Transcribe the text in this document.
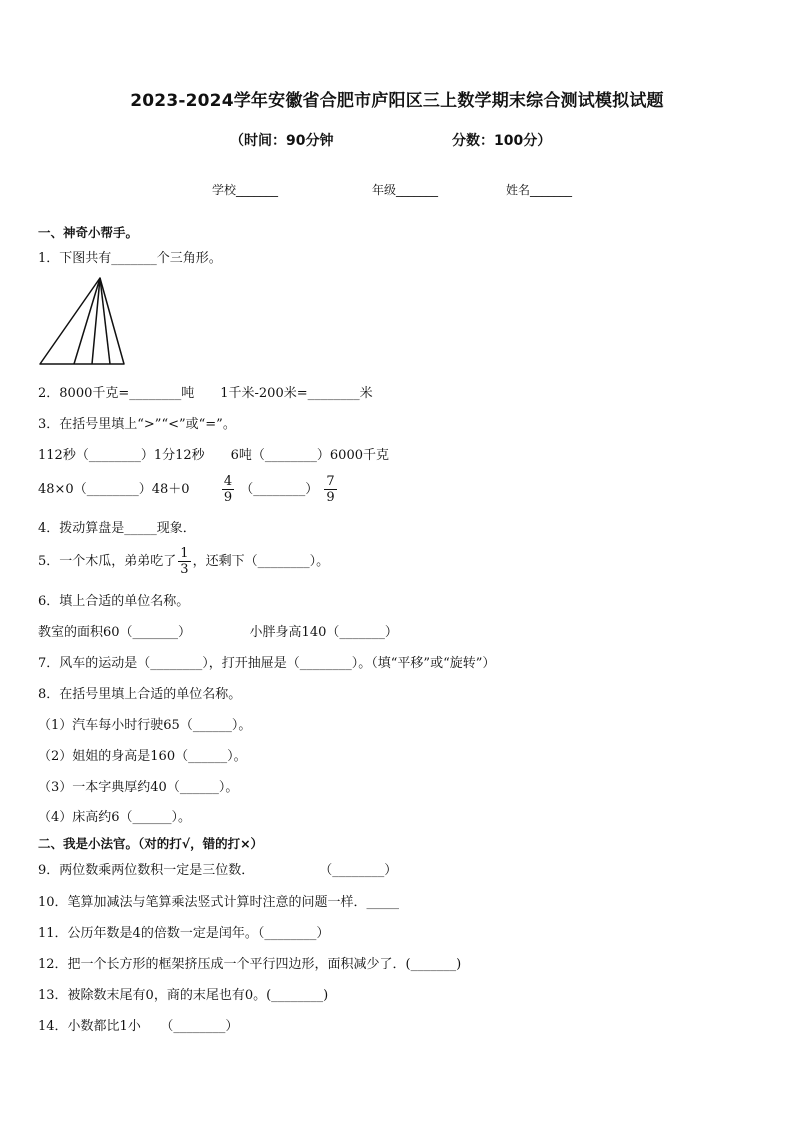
2023-2024学年安徽省合肥市庐阳区三上数学期末综合测试模拟试题
（时间：90分钟	分数：100分）
学校_______	年级_______	姓名_______
一、神奇小帮手。
1．下图共有_______个三角形。
2．8000千克=________吨　　1千米-200米=________米
3．在括号里填上“>”“<”或“=”。
112秒（________）1分12秒　　6吨（________）6000千克
48×0（________）48＋0 $\frac{4}{9}$ （________） $\frac{7}{9}$
4．拨动算盘是_____现象．
5．一个木瓜，弟弟吃了 $\frac{1}{3}$ ，还剩下（________）。
6．填上合适的单位名称。
教室的面积60（_______）　　　　　小胖身高140（_______）
7．风车的运动是（________），打开抽屉是（________）。（填“平移”或“旋转”）
8．在括号里填上合适的单位名称。
（1）汽车每小时行驶65（______）。
（2）姐姐的身高是160（______）。
（3）一本字典厚约40（______）。
（4）床高约6（______）。
二、我是小法官。（对的打√，错的打×）
9．两位数乘两位数积一定是三位数．　　　　　　（________）
10．笔算加减法与笔算乘法竖式计算时注意的问题一样．_____
11．公历年数是4的倍数一定是闰年。（________）
12．把一个长方形的框架挤压成一个平行四边形，面积减少了．(_______)
13．被除数末尾有0，商的末尾也有0。(________)
14．小数都比1小　　（________）
